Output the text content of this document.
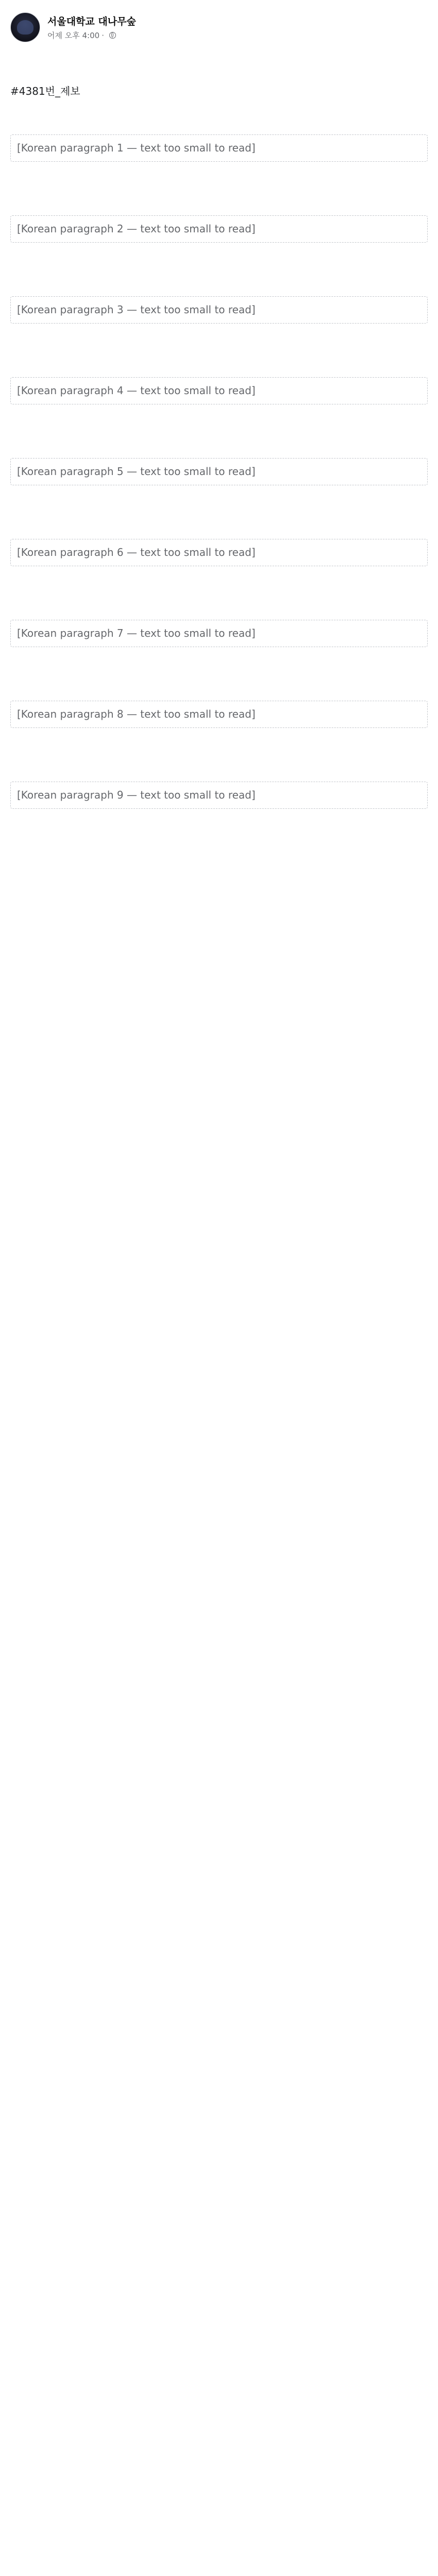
서울대학교 대나무숲
어제 오후 4:00 ·

#4381번_제보

[Korean paragraph 1 — text too small to read]

[Korean paragraph 2 — text too small to read]

[Korean paragraph 3 — text too small to read]

[Korean paragraph 4 — text too small to read]

[Korean paragraph 5 — text too small to read]

[Korean paragraph 6 — text too small to read]

[Korean paragraph 7 — text too small to read]

[Korean paragraph 8 — text too small to read]

[Korean paragraph 9 — text too small to read]
